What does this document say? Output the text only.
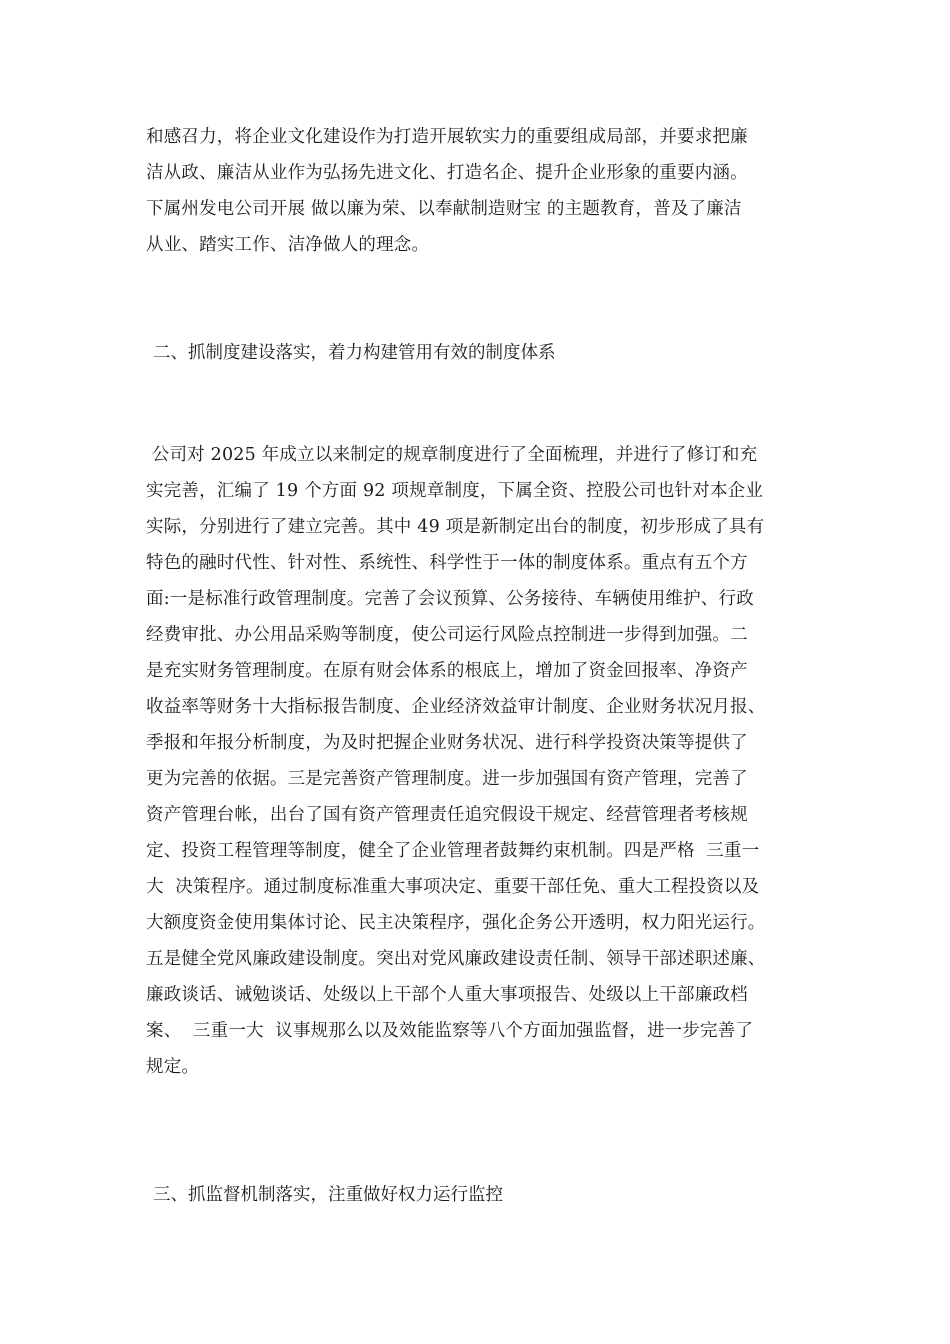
和感召力，将企业文化建设作为打造开展软实力的重要组成局部，并要求把廉
洁从政、廉洁从业作为弘扬先进文化、打造名企、提升企业形象的重要内涵。
下属州发电公司开展 做以廉为荣、以奉献制造财宝 的主题教育，普及了廉洁
从业、踏实工作、洁净做人的理念。
二、抓制度建设落实，着力构建管用有效的制度体系
公司对 2025 年成立以来制定的规章制度进行了全面梳理，并进行了修订和充
实完善，汇编了 19 个方面 92 项规章制度，下属全资、控股公司也针对本企业
实际，分别进行了建立完善。其中 49 项是新制定出台的制度，初步形成了具有
特色的融时代性、针对性、系统性、科学性于一体的制度体系。重点有五个方
面:一是标准行政管理制度。完善了会议预算、公务接待、车辆使用维护、行政
经费审批、办公用品采购等制度，使公司运行风险点控制进一步得到加强。二
是充实财务管理制度。在原有财会体系的根底上，增加了资金回报率、净资产
收益率等财务十大指标报告制度、企业经济效益审计制度、企业财务状况月报、
季报和年报分析制度，为及时把握企业财务状况、进行科学投资决策等提供了
更为完善的依据。三是完善资产管理制度。进一步加强国有资产管理，完善了
资产管理台帐，出台了国有资产管理责任追究假设干规定、经营管理者考核规
定、投资工程管理等制度，健全了企业管理者鼓舞约束机制。四是严格  三重一
大  决策程序。通过制度标准重大事项决定、重要干部任免、重大工程投资以及
大额度资金使用集体讨论、民主决策程序，强化企务公开透明，权力阳光运行。
五是健全党风廉政建设制度。突出对党风廉政建设责任制、领导干部述职述廉、
廉政谈话、诫勉谈话、处级以上干部个人重大事项报告、处级以上干部廉政档
案、  三重一大  议事规那么以及效能监察等八个方面加强监督，进一步完善了
规定。
三、抓监督机制落实，注重做好权力运行监控
